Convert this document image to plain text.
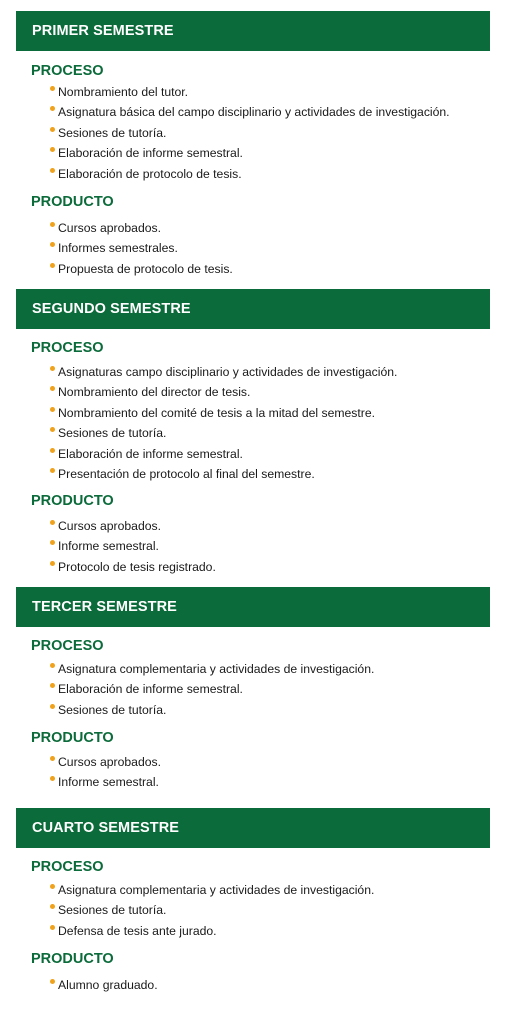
PRIMER SEMESTRE
PROCESO
Nombramiento del tutor.
Asignatura básica del campo disciplinario y actividades de investigación.
Sesiones de tutoría.
Elaboración de informe semestral.
Elaboración de protocolo de tesis.
PRODUCTO
Cursos aprobados.
Informes semestrales.
Propuesta de protocolo de tesis.
SEGUNDO SEMESTRE
PROCESO
Asignaturas campo disciplinario y actividades de investigación.
Nombramiento del director de tesis.
Nombramiento del comité de tesis a la mitad del semestre.
Sesiones de tutoría.
Elaboración de informe semestral.
Presentación de protocolo al final del semestre.
PRODUCTO
Cursos aprobados.
Informe semestral.
Protocolo de tesis registrado.
TERCER SEMESTRE
PROCESO
Asignatura complementaria y actividades de investigación.
Elaboración de informe semestral.
Sesiones de tutoría.
PRODUCTO
Cursos aprobados.
Informe semestral.
CUARTO SEMESTRE
PROCESO
Asignatura complementaria y actividades de investigación.
Sesiones de tutoría.
Defensa de tesis ante jurado.
PRODUCTO
Alumno graduado.
